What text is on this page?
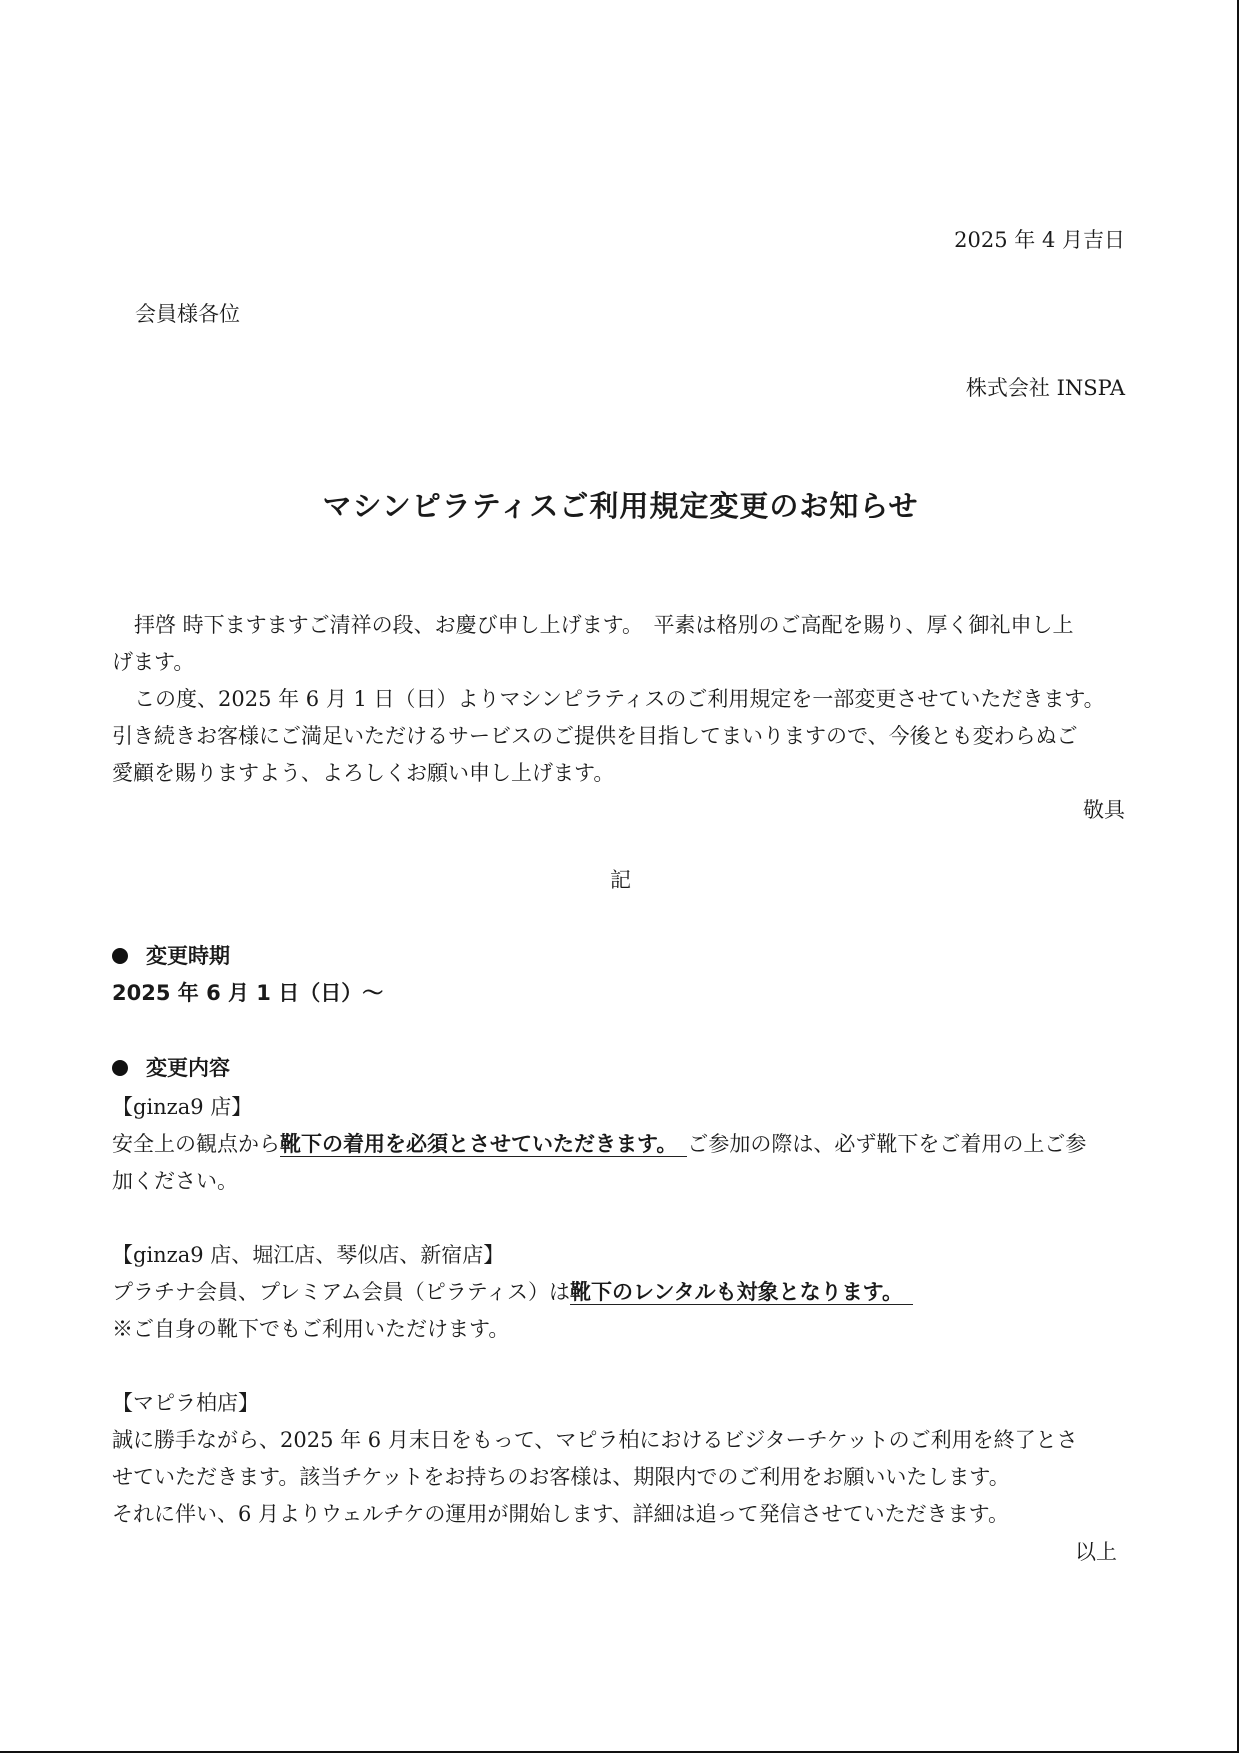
2025 年 4 月吉日
会員様各位
株式会社 INSPA
マシンピラティスご利用規定変更のお知らせ

拝啓 時下ますますご清祥の段、お慶び申し上げます。　平素は格別のご高配を賜り、厚く御礼申し上

げます。

この度、2025 年 6 月 1 日（日）よりマシンピラティスのご利用規定を一部変更させていただきます。

引き続きお客様にご満足いただけるサービスのご提供を目指してまいりますので、今後とも変わらぬご

愛顧を賜りますよう、よろしくお願い申し上げます。

敬具
記
変更時期
2025 年 6 月 1 日（日）～
変更内容

【ginza9 店】

安全上の観点から靴下の着用を必須とさせていただきます。 ご参加の際は、必ず靴下をご着用の上ご参

加ください。

【ginza9 店、堀江店、琴似店、新宿店】

プラチナ会員、プレミアム会員（ピラティス）は靴下のレンタルも対象となります。

※ご自身の靴下でもご利用いただけます。

【マピラ柏店】

誠に勝手ながら、2025 年 6 月末日をもって、マピラ柏におけるビジターチケットのご利用を終了とさ

せていただきます。該当チケットをお持ちのお客様は、期限内でのご利用をお願いいたします。

それに伴い、6 月よりウェルチケの運用が開始します、詳細は追って発信させていただきます。

以上
